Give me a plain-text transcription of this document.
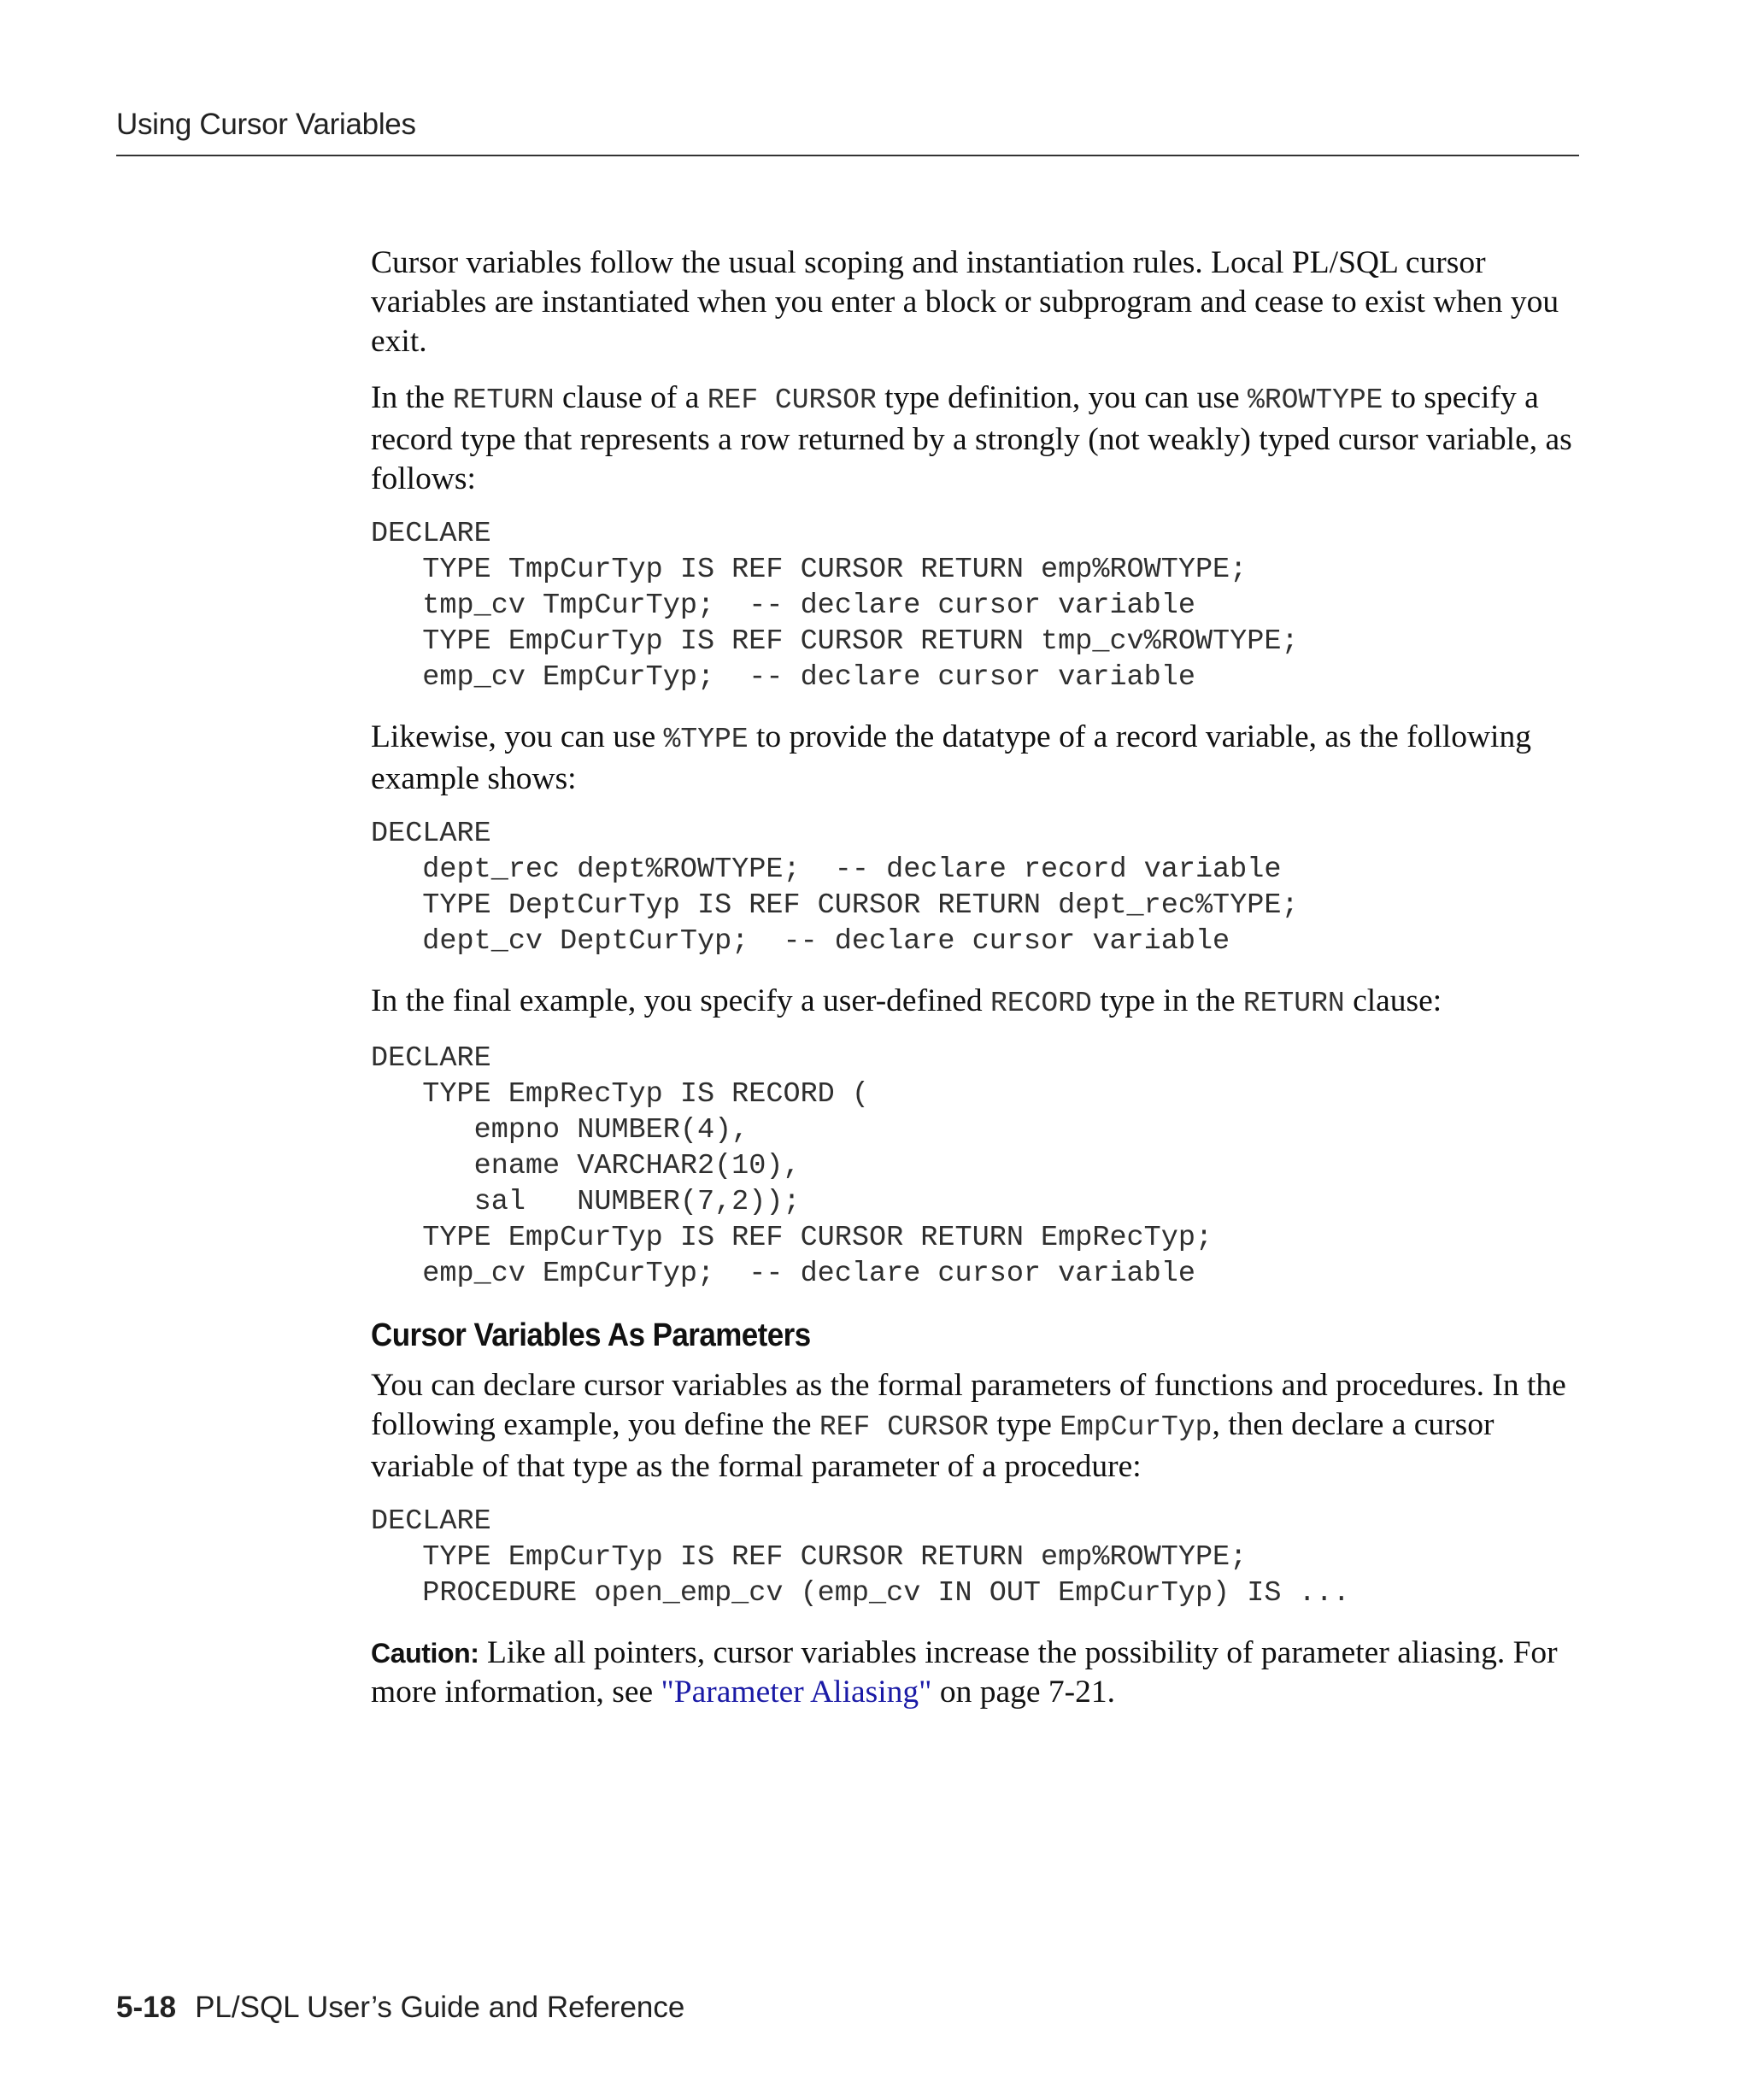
Using Cursor Variables

Cursor variables follow the usual scoping and instantiation rules. Local PL/SQL cursor variables are instantiated when you enter a block or subprogram and cease to exist when you exit.

In the RETURN clause of a REF CURSOR type definition, you can use %ROWTYPE to specify a record type that represents a row returned by a strongly (not weakly) typed cursor variable, as follows:

DECLARE
TYPE TmpCurTyp IS REF CURSOR RETURN emp%ROWTYPE;
tmp_cv TmpCurTyp;  -- declare cursor variable
TYPE EmpCurTyp IS REF CURSOR RETURN tmp_cv%ROWTYPE;
emp_cv EmpCurTyp;  -- declare cursor variable

Likewise, you can use %TYPE to provide the datatype of a record variable, as the following example shows:

DECLARE
dept_rec dept%ROWTYPE;  -- declare record variable
TYPE DeptCurTyp IS REF CURSOR RETURN dept_rec%TYPE;
dept_cv DeptCurTyp;  -- declare cursor variable

In the final example, you specify a user-defined RECORD type in the RETURN clause:

DECLARE
TYPE EmpRecTyp IS RECORD (
empno NUMBER(4),
ename VARCHAR2(10),
sal   NUMBER(7,2));
TYPE EmpCurTyp IS REF CURSOR RETURN EmpRecTyp;
emp_cv EmpCurTyp;  -- declare cursor variable
Cursor Variables As Parameters

You can declare cursor variables as the formal parameters of functions and procedures. In the following example, you define the REF CURSOR type EmpCurTyp, then declare a cursor variable of that type as the formal parameter of a procedure:

DECLARE
TYPE EmpCurTyp IS REF CURSOR RETURN emp%ROWTYPE;
PROCEDURE open_emp_cv (emp_cv IN OUT EmpCurTyp) IS ...

Caution: Like all pointers, cursor variables increase the possibility of parameter aliasing. For more information, see "Parameter Aliasing" on page 7-21.

5-18 PL/SQL User’s Guide and Reference
